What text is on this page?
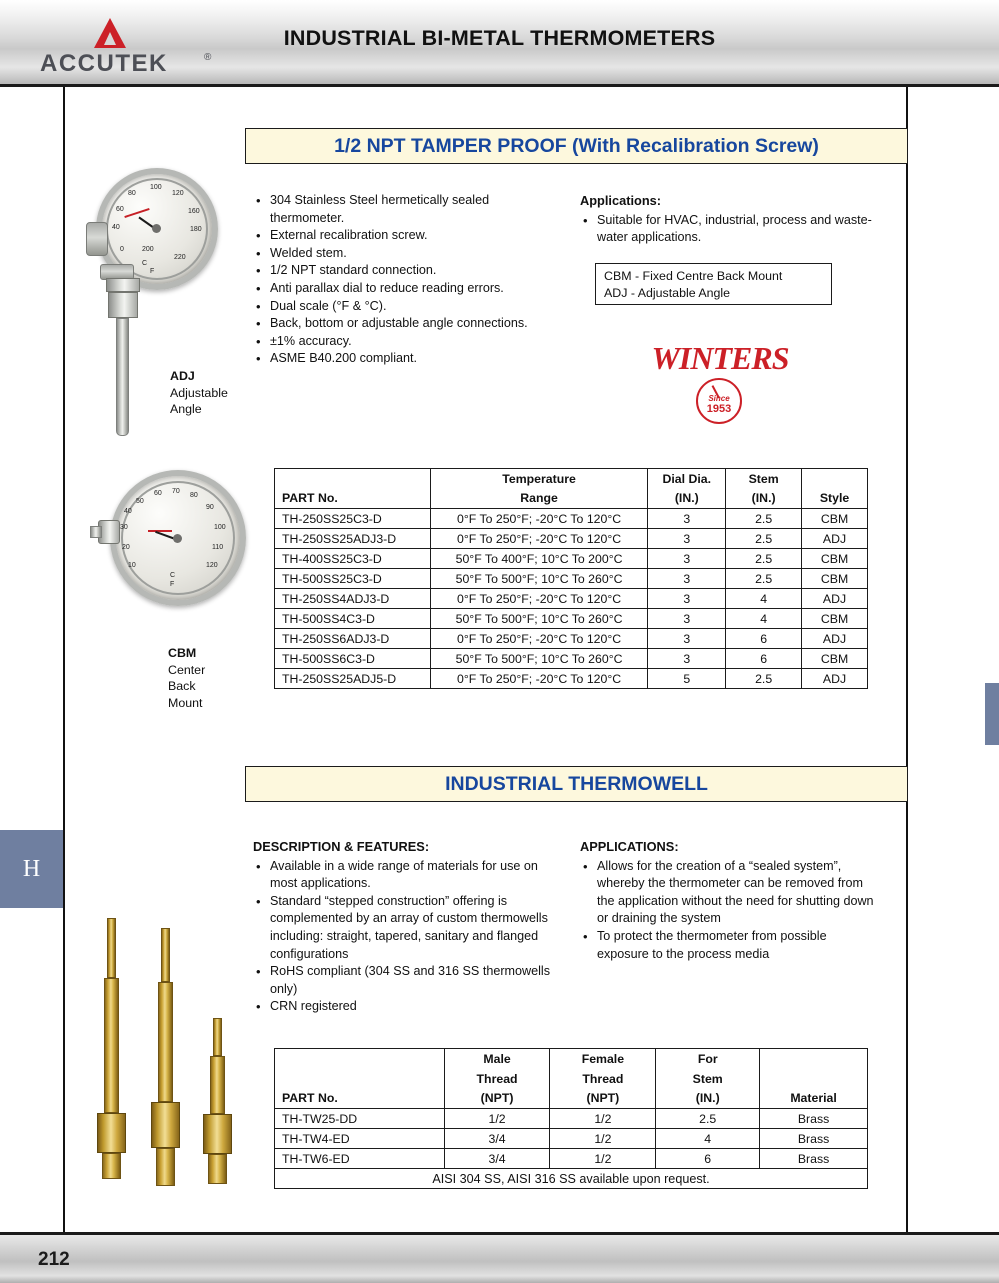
ACCUTEK	®
INDUSTRIAL BI-METAL THERMOMETERS
H
1/2 NPT TAMPER PROOF (With Recalibration Screw)
100
120
80
60
40
160
180
220
200
0
C
F
ADJ
Adjustable
Angle
70
60	80
50
40
90
30	100
20	110
10	120
C
F
CBM
Center
Back
Mount
• 304 Stainless Steel hermetically sealed thermometer.
• External recalibration screw.
• Welded stem.
• 1/2 NPT standard connection.
• Anti parallax dial to reduce reading errors.
• Dual scale (°F & °C).
• Back, bottom or adjustable angle connections.
• ±1% accuracy.
• ASME B40.200 compliant.
Applications:
• Suitable for HVAC, industrial, process and waste-water applications.
CBM - Fixed Centre Back Mount
ADJ - Adjustable Angle
WINTERS
Since
1953
	Temperature	Dial Dia.	Stem	
PART No.	Range	(IN.)	(IN.)	Style
TH-250SS25C3-D	0°F To 250°F; -20°C To 120°C	3	2.5	CBM
TH-250SS25ADJ3-D	0°F To 250°F; -20°C To 120°C	3	2.5	ADJ
TH-400SS25C3-D	50°F To 400°F; 10°C To 200°C	3	2.5	CBM
TH-500SS25C3-D	50°F To 500°F; 10°C To 260°C	3	2.5	CBM
TH-250SS4ADJ3-D	0°F To 250°F; -20°C To 120°C	3	4	ADJ
TH-500SS4C3-D	50°F To 500°F; 10°C To 260°C	3	4	CBM
TH-250SS6ADJ3-D	0°F To 250°F; -20°C To 120°C	3	6	ADJ
TH-500SS6C3-D	50°F To 500°F; 10°C To 260°C	3	6	CBM
TH-250SS25ADJ5-D	0°F To 250°F; -20°C To 120°C	5	2.5	ADJ
INDUSTRIAL THERMOWELL
DESCRIPTION & FEATURES:
• Available in a wide range of materials for use on most applications.
• Standard “stepped construction” offering is complemented by an array of custom thermowells including: straight, tapered, sanitary and flanged configurations
• RoHS compliant (304 SS and 316 SS thermowells only)
• CRN registered
APPLICATIONS:
• Allows for the creation of a “sealed system”, whereby the thermometer can be removed from the application without the need for shutting down or draining the system
• To protect the thermometer from possible exposure to the process media
	Male	Female	For	
	Thread	Thread	Stem	
PART No.	(NPT)	(NPT)	(IN.)	Material
TH-TW25-DD	1/2	1/2	2.5	Brass
TH-TW4-ED	3/4	1/2	4	Brass
TH-TW6-ED	3/4	1/2	6	Brass
AISI 304 SS, AISI 316 SS available upon request.				
212
